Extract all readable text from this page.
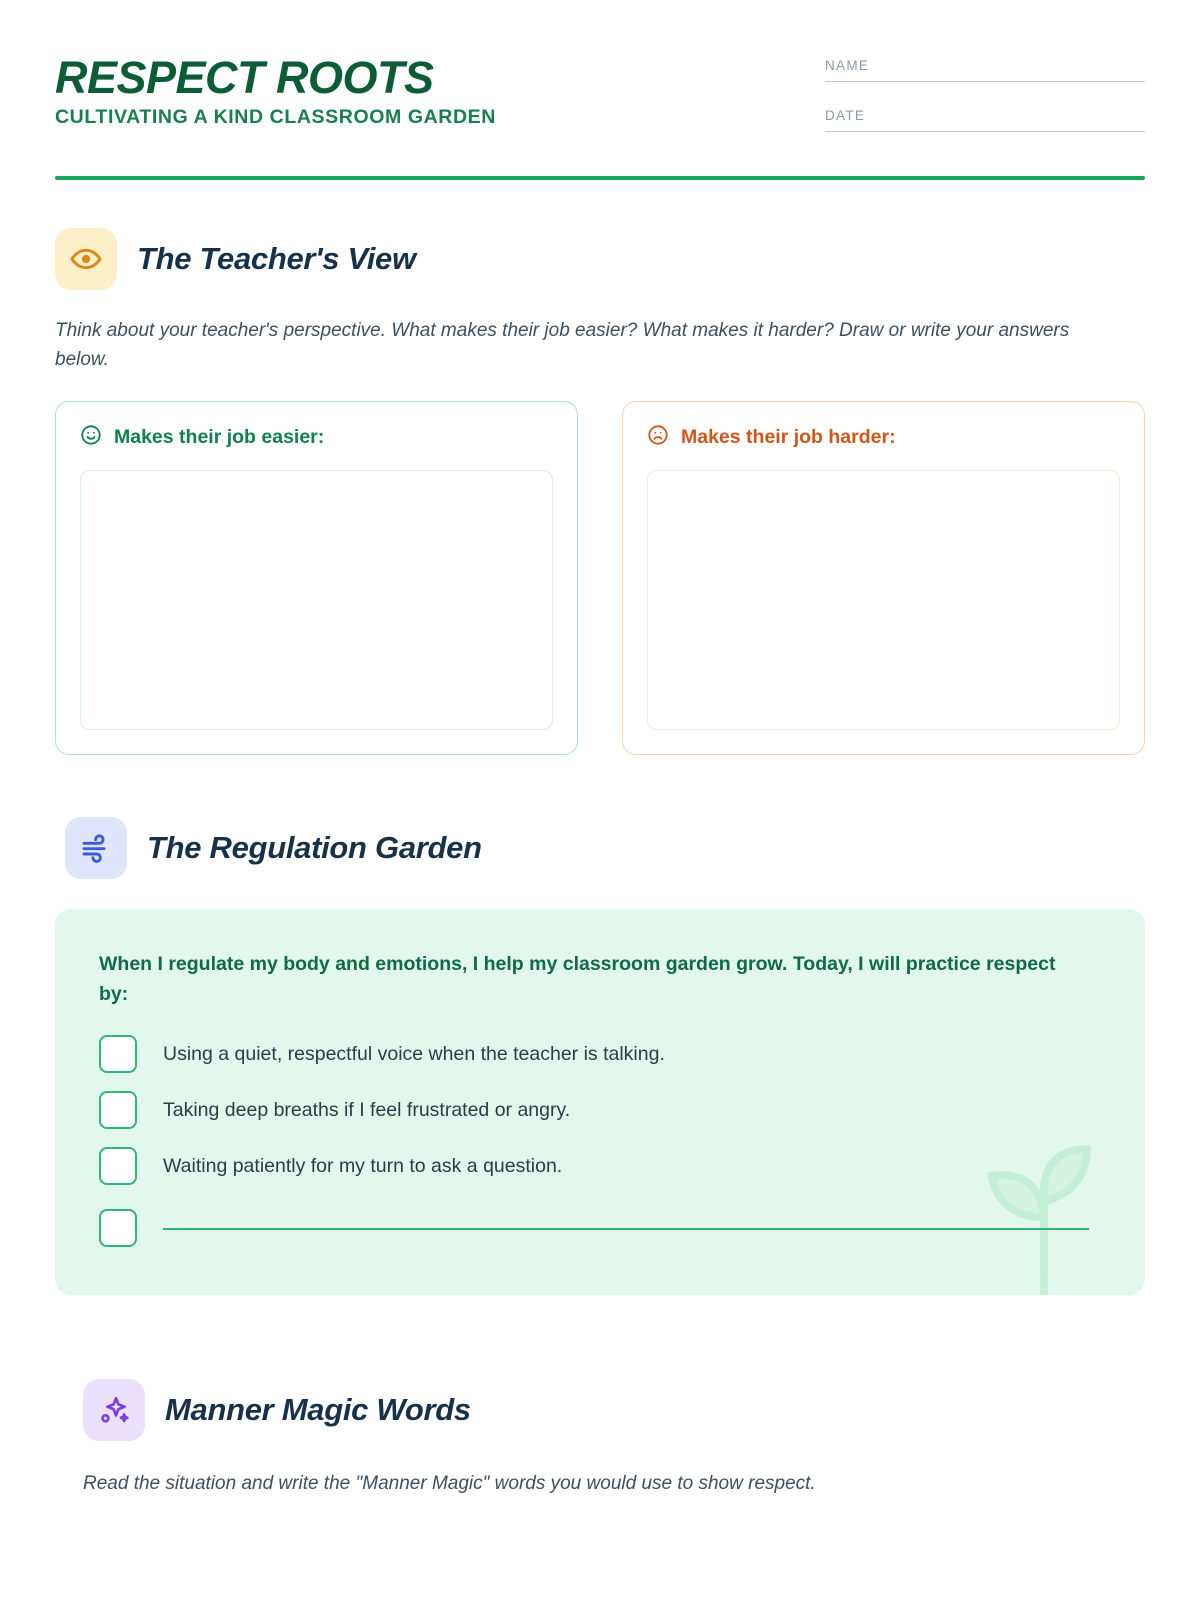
RESPECT ROOTS
CULTIVATING A KIND CLASSROOM GARDEN
NAME
DATE
The Teacher's View

Think about your teacher's perspective. What makes their job easier? What makes it harder? Draw or write your answers below.

Makes their job easier:	Makes their job harder:
The Regulation Garden

When I regulate my body and emotions, I help my classroom garden grow. Today, I will practice respect by:

Using a quiet, respectful voice when the teacher is talking.
Taking deep breaths if I feel frustrated or angry.
Waiting patiently for my turn to ask a question.
Manner Magic Words

Read the situation and write the "Manner Magic" words you would use to show respect.
